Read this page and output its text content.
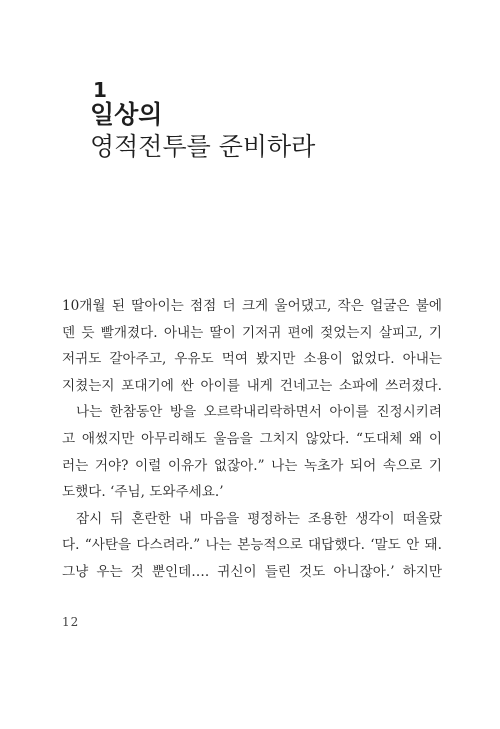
1
일상의
영적전투를 준비하라
10개월 된 딸아이는 점점 더 크게 울어댔고, 작은 얼굴은 불에
덴 듯 빨개졌다. 아내는 딸이 기저귀 편에 젖었는지 살피고, 기
저귀도 갈아주고, 우유도 먹여 봤지만 소용이 없었다. 아내는
지쳤는지 포대기에 싼 아이를 내게 건네고는 소파에 쓰러졌다.
나는 한참동안 방을 오르락내리락하면서 아이를 진정시키려
고 애썼지만 아무리해도 울음을 그치지 않았다. “도대체 왜 이
러는 거야? 이럴 이유가 없잖아.” 나는 녹초가 되어 속으로 기
도했다. ‘주님, 도와주세요.’
잠시 뒤 혼란한 내 마음을 평정하는 조용한 생각이 떠올랐
다. “사탄을 다스려라.” 나는 본능적으로 대답했다. ‘말도 안 돼.
그냥 우는 것 뿐인데…. 귀신이 들린 것도 아니잖아.’ 하지만
12
